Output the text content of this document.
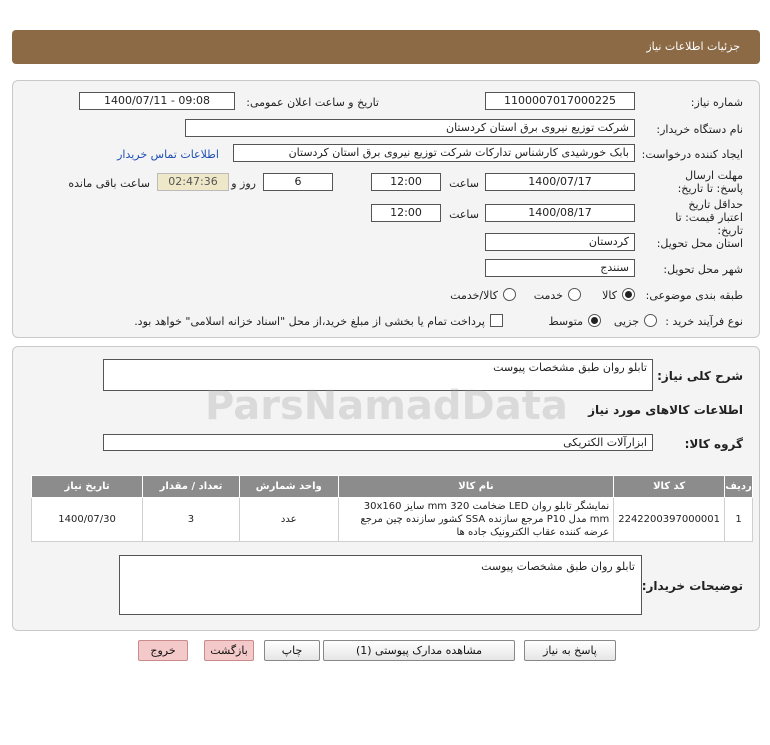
جزئیات اطلاعات نیاز
شماره نیاز:
1100007017000225
تاریخ و ساعت اعلان عمومی:
1400/07/11 - 09:08
نام دستگاه خریدار:
شرکت توزیع نیروی برق استان کردستان
ایجاد کننده درخواست:
بابک خورشیدی کارشناس تدارکات شرکت توزیع نیروی برق استان کردستان
اطلاعات تماس خریدار
مهلت ارسال پاسخ: تا تاریخ:
1400/07/17
ساعت
12:00
6
روز و
02:47:36
ساعت باقی مانده
حداقل تاریخ اعتبار قیمت: تا تاریخ:
1400/08/17
ساعت
12:00
استان محل تحویل:
کردستان
شهر محل تحویل:
سنندج
طبقه بندی موضوعی:
کالا
خدمت
کالا/خدمت
نوع فرآیند خرید :
جزیی
متوسط
پرداخت تمام یا بخشی از مبلغ خرید،از محل "اسناد خزانه اسلامی" خواهد بود.
شرح کلی نیاز:
تابلو روان طبق مشخصات پیوست
اطلاعات کالاهای مورد نیاز
گروه کالا:
ابزارآلات الکتریکی
ردیف	کد کالا	نام کالا	واحد شمارش	تعداد / مقدار	تاریخ نیاز
1	2242200397000001	نمایشگر تابلو روان LED ضخامت 320 mm سایز 30x160 mm مدل P10 مرجع سازنده SSA کشور سازنده چین مرجع عرضه کننده عقاب الکترونیک جاده ها	عدد	3	1400/07/30
توضیحات خریدار:
تابلو روان طبق مشخصات پیوست
ParsNamadData
پاسخ به نیاز
مشاهده مدارک پیوستی (1)
چاپ
بازگشت
خروج
